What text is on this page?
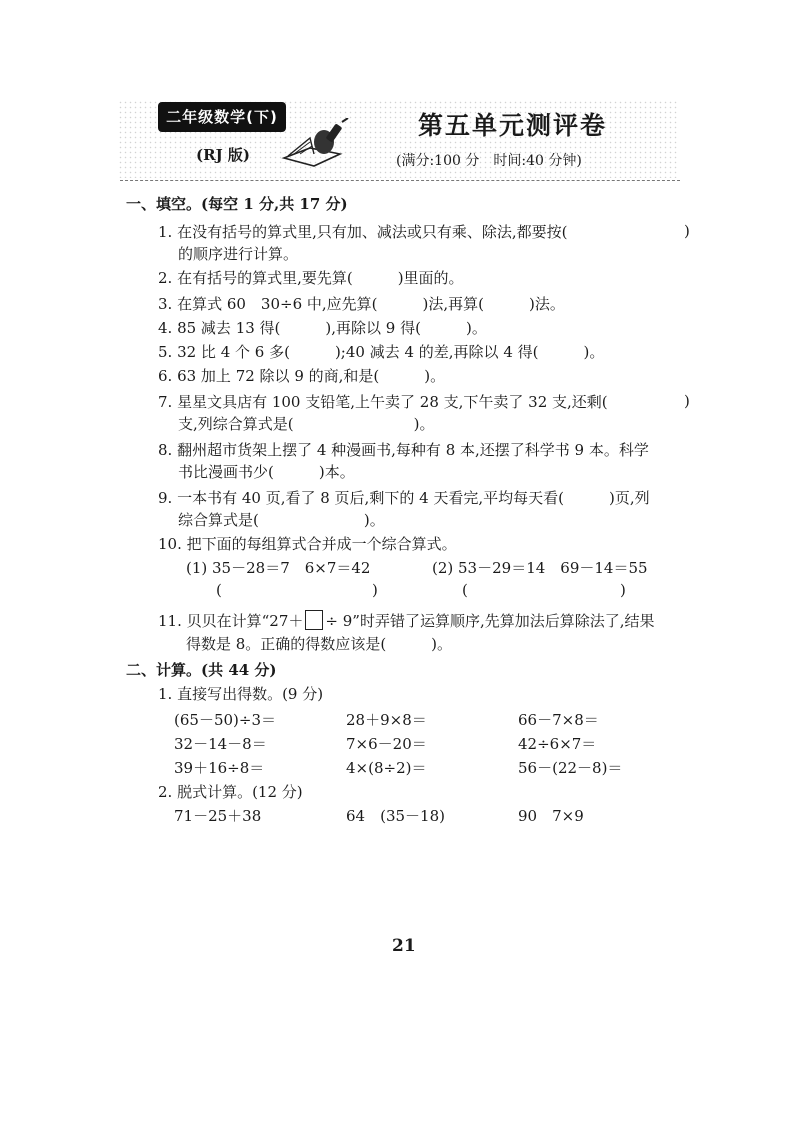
二年级数学(下)
(RJ 版)
第五单元测评卷
(满分:100 分　时间:40 分钟)
一、填空。(每空 1 分,共 17 分)
1. 在没有括号的算式里,只有加、减法或只有乘、除法,都要按(	)
的顺序进行计算。
2. 在有括号的算式里,要先算(　　　)里面的。
3. 在算式 60　30÷6 中,应先算(　　　)法,再算(　　　)法。
4. 85 减去 13 得(　　　),再除以 9 得(　　　)。
5. 32 比 4 个 6 多(　　　);40 减去 4 的差,再除以 4 得(　　　)。
6. 63 加上 72 除以 9 的商,和是(　　　)。
7. 星星文具店有 100 支铅笔,上午卖了 28 支,下午卖了 32 支,还剩(	)
支,列综合算式是(　　　　　　　　)。
8. 翻州超市货架上摆了 4 种漫画书,每种有 8 本,还摆了科学书 9 本。科学
书比漫画书少(　　　)本。
9. 一本书有 40 页,看了 8 页后,剩下的 4 天看完,平均每天看(　　　)页,列
综合算式是(　　　　　　　)。
10. 把下面的每组算式合并成一个综合算式。
(1) 35－28＝7　6×7＝42	(2) 53－29＝14　69－14＝55
(	)	(	)
11. 贝贝在计算“27＋ ÷ 9”时弄错了运算顺序,先算加法后算除法了,结果
得数是 8。正确的得数应该是(　　　)。
二、计算。(共 44 分)
1. 直接写出得数。(9 分)
(65－50)÷3＝	28＋9×8＝	66－7×8＝
32－14－8＝	7×6－20＝	42÷6×7＝
39＋16÷8＝	4×(8÷2)＝	56－(22－8)＝
2. 脱式计算。(12 分)
71－25＋38	64　(35－18)	90　7×9
21
